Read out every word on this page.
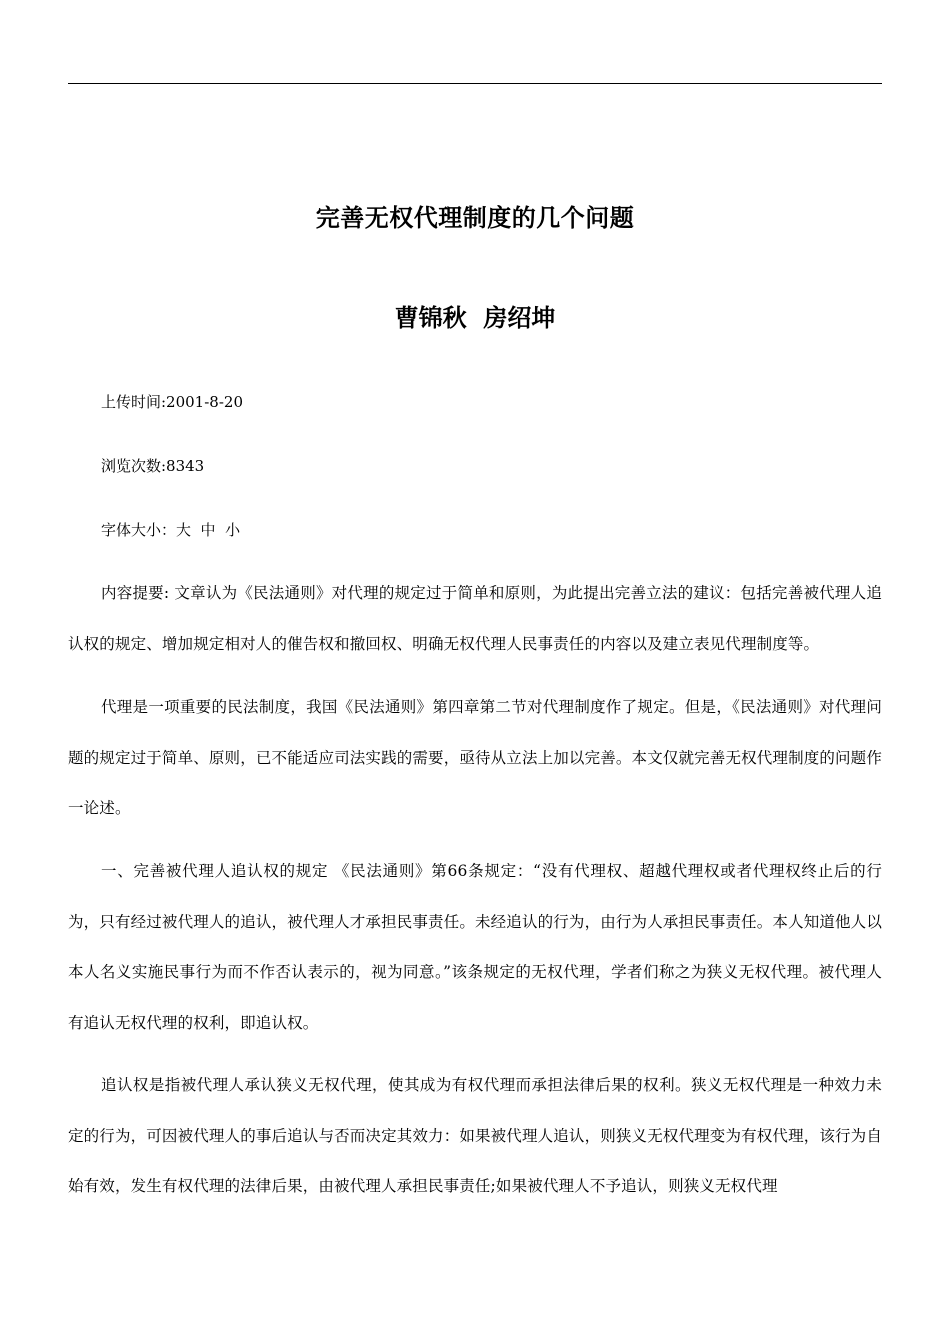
完善无权代理制度的几个问题
曹锦秋  房绍坤
上传时间:2001-8-20
浏览次数:8343
字体大小：大  中  小

内容提要: 文章认为《民法通则》对代理的规定过于简单和原则，为此提出完善立法的建议：包括完善被代理人追认权的规定、增加规定相对人的催告权和撤回权、明确无权代理人民事责任的内容以及建立表见代理制度等。

代理是一项重要的民法制度，我国《民法通则》第四章第二节对代理制度作了规定。但是，《民法通则》对代理问题的规定过于简单、原则，已不能适应司法实践的需要，亟待从立法上加以完善。本文仅就完善无权代理制度的问题作一论述。

一、完善被代理人追认权的规定 《民法通则》第66条规定：“没有代理权、超越代理权或者代理权终止后的行为，只有经过被代理人的追认，被代理人才承担民事责任。未经追认的行为，由行为人承担民事责任。本人知道他人以本人名义实施民事行为而不作否认表示的，视为同意。”该条规定的无权代理，学者们称之为狭义无权代理。被代理人有追认无权代理的权利，即追认权。

追认权是指被代理人承认狭义无权代理，使其成为有权代理而承担法律后果的权利。狭义无权代理是一种效力未定的行为，可因被代理人的事后追认与否而决定其效力：如果被代理人追认，则狭义无权代理变为有权代理，该行为自始有效，发生有权代理的法律后果，由被代理人承担民事责任;如果被代理人不予追认，则狭义无权代理
